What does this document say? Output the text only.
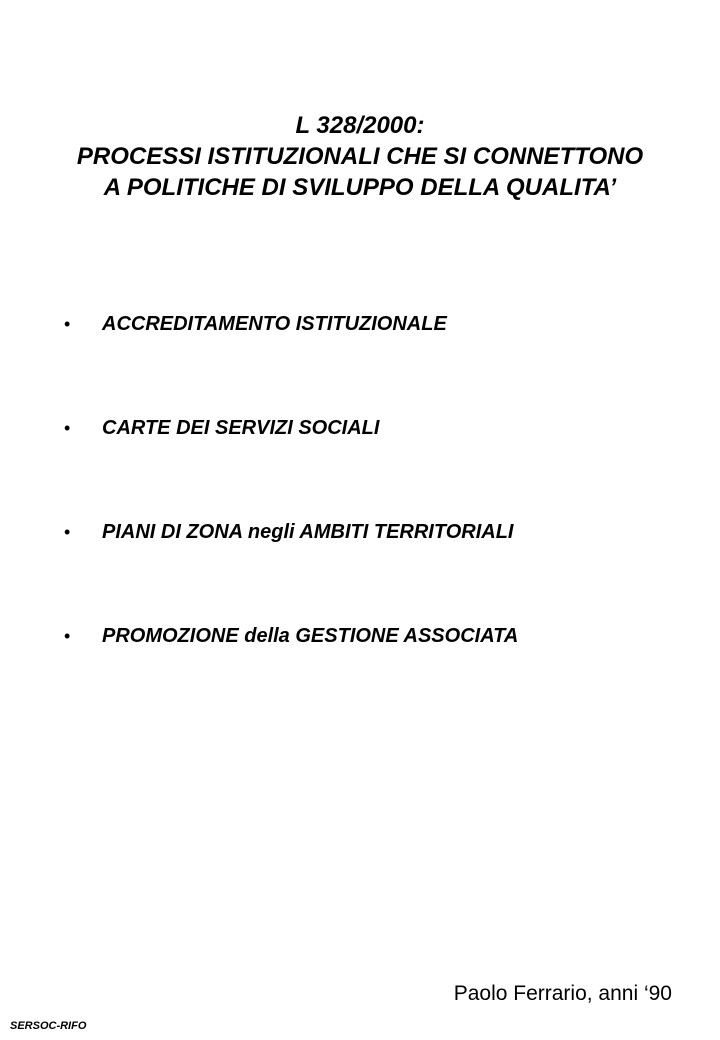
L 328/2000:
PROCESSI ISTITUZIONALI CHE SI CONNETTONO
A POLITICHE DI SVILUPPO DELLA QUALITA’
• ACCREDITAMENTO ISTITUZIONALE
• CARTE DEI SERVIZI SOCIALI
• PIANI DI ZONA negli AMBITI TERRITORIALI
• PROMOZIONE della GESTIONE ASSOCIATA
Paolo Ferrario, anni ‘90
SERSOC-RIFO
